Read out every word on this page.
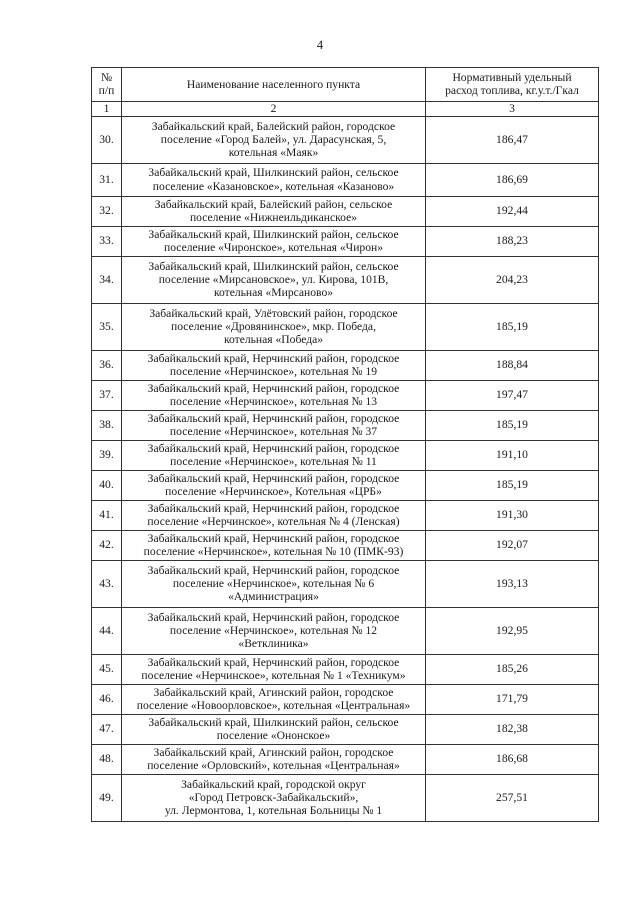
4
№
п/п	Наименование населенного пункта	Нормативный удельный
расход топлива, кг.у.т./Гкал
1	2	3
30.	Забайкальский край, Балейский район, городское
поселение «Город Балей», ул. Дарасунская, 5,
котельная «Маяк»	186,47
31.	Забайкальский край, Шилкинский район, сельское
поселение «Казановское», котельная «Казаново»	186,69
32.	Забайкальский край, Балейский район, сельское
поселение «Нижнеильдиканское»	192,44
33.	Забайкальский край, Шилкинский район, сельское
поселение «Чиронское», котельная «Чирон»	188,23
34.	Забайкальский край, Шилкинский район, сельское
поселение «Мирсановское», ул. Кирова, 101В,
котельная «Мирсаново»	204,23
35.	Забайкальский край, Улётовский район, городское
поселение «Дровянинское», мкр. Победа,
котельная «Победа»	185,19
36.	Забайкальский край, Нерчинский район, городское
поселение «Нерчинское», котельная № 19	188,84
37.	Забайкальский край, Нерчинский район, городское
поселение «Нерчинское», котельная № 13	197,47
38.	Забайкальский край, Нерчинский район, городское
поселение «Нерчинское», котельная № 37	185,19
39.	Забайкальский край, Нерчинский район, городское
поселение «Нерчинское», котельная № 11	191,10
40.	Забайкальский край, Нерчинский район, городское
поселение «Нерчинское», Котельная «ЦРБ»	185,19
41.	Забайкальский край, Нерчинский район, городское
поселение «Нерчинское», котельная № 4 (Ленская)	191,30
42.	Забайкальский край, Нерчинский район, городское
поселение «Нерчинское», котельная № 10 (ПМК-93)	192,07
43.	Забайкальский край, Нерчинский район, городское
поселение «Нерчинское», котельная № 6
«Администрация»	193,13
44.	Забайкальский край, Нерчинский район, городское
поселение «Нерчинское», котельная № 12
«Ветклиника»	192,95
45.	Забайкальский край, Нерчинский район, городское
поселение «Нерчинское», котельная № 1 «Техникум»	185,26
46.	Забайкальский край, Агинский район, городское
поселение «Новоорловское», котельная «Центральная»	171,79
47.	Забайкальский край, Шилкинский район, сельское
поселение «Ононское»	182,38
48.	Забайкальский край, Агинский район, городское
поселение «Орловский», котельная «Центральная»	186,68
49.	Забайкальский край, городской округ
«Город Петровск-Забайкальский»,
ул. Лермонтова, 1, котельная Больницы № 1	257,51
